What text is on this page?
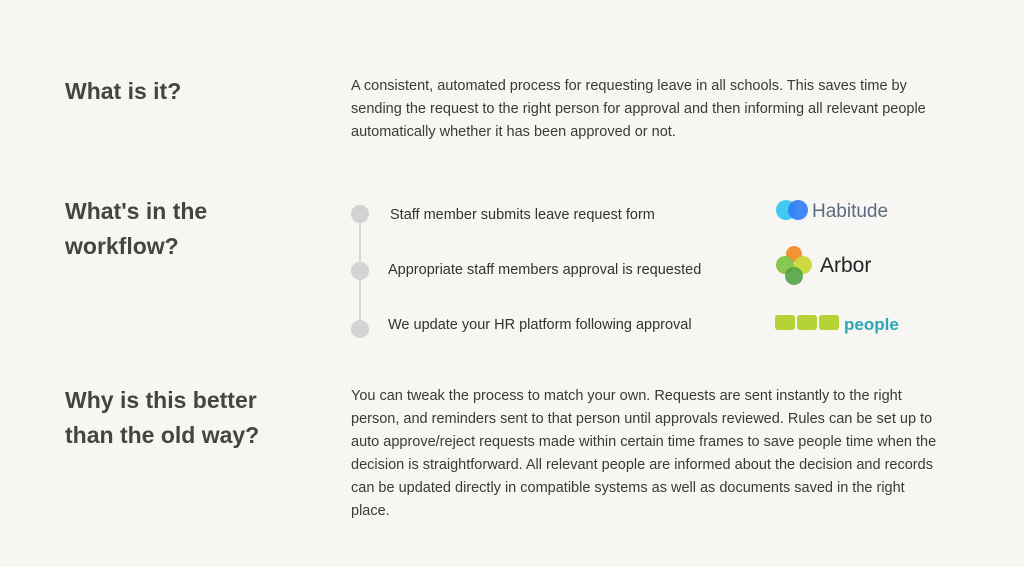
What is it?	A consistent, automated process for requesting leave in all schools. This saves time by sending the request to the right person for approval and then informing all relevant people automatically whether it has been approved or not.
What's in the
workflow?
Staff member submits leave request form
Appropriate staff members approval is requested
We update your HR platform following approval
Habitude
Arbor
people
Why is this better
than the old way?
You can tweak the process to match your own. Requests are sent instantly to the right person, and reminders sent to that person until approvals reviewed. Rules can be set up to auto approve/reject requests made within certain time frames to save people time when the decision is straightforward. All relevant people are informed about the decision and records can be updated directly in compatible systems as well as documents saved in the right place.
